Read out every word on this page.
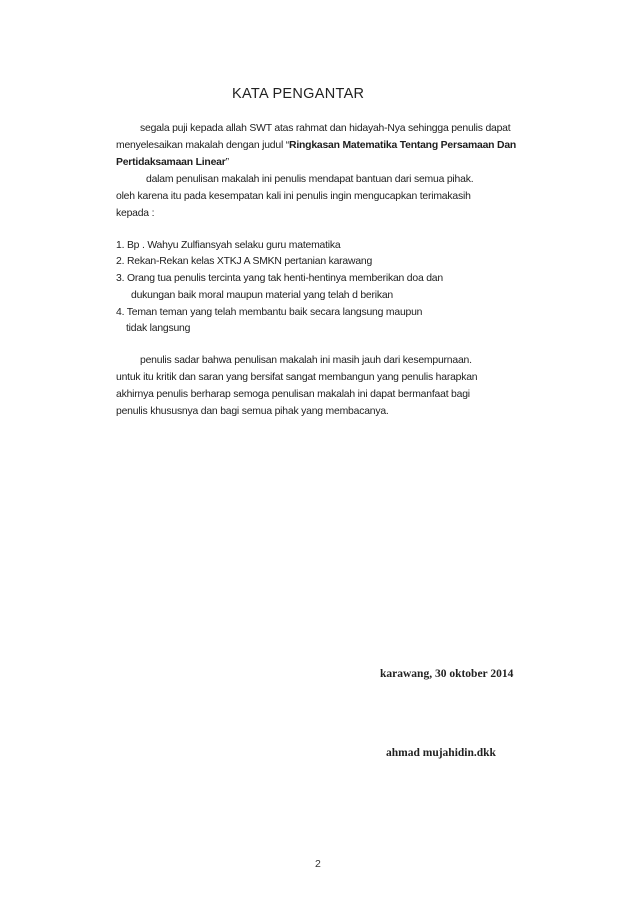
KATA PENGANTAR
segala puji kepada allah SWT atas rahmat dan hidayah-Nya sehingga penulis dapat
menyelesaikan makalah dengan judul “Ringkasan Matematika Tentang Persamaan Dan
Pertidaksamaan Linear”
dalam penulisan makalah ini penulis mendapat bantuan dari semua pihak.
oleh karena itu pada kesempatan kali ini penulis ingin mengucapkan terimakasih
kepada :
1. Bp . Wahyu Zulfiansyah selaku guru matematika
2. Rekan-Rekan kelas XTKJ A SMKN pertanian karawang
3. Orang tua penulis tercinta yang tak henti-hentinya memberikan doa dan
dukungan baik moral maupun material yang telah d berikan
4. Teman teman yang telah membantu baik secara langsung maupun
tidak langsung
penulis sadar bahwa penulisan makalah ini masih jauh dari kesempurnaan.
untuk itu kritik dan saran yang bersifat sangat membangun yang penulis harapkan
akhirnya penulis berharap semoga penulisan makalah ini dapat bermanfaat bagi
penulis khususnya dan bagi semua pihak yang membacanya.
karawang, 30 oktober 2014
ahmad mujahidin.dkk
2
